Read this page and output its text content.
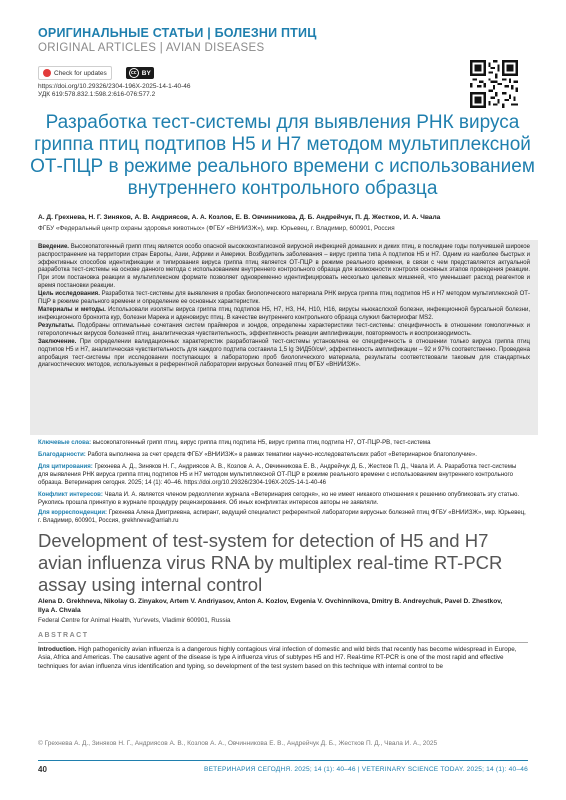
ОРИГИНАЛЬНЫЕ СТАТЬИ | БОЛЕЗНИ ПТИЦ
ORIGINAL ARTICLES | AVIAN DISEASES
Check for updates	cc BY
https://doi.org/10.29326/2304-196X-2025-14-1-40-46
УДК 619:578.832.1:598.2:616-076:577.2
Разработка тест-системы для выявления РНК вируса гриппа птиц подтипов Н5 и Н7 методом мультиплексной ОТ-ПЦР в режиме реального времени с использованием внутреннего контрольного образца
А. Д. Грехнева, Н. Г. Зиняков, А. В. Андриясов, А. А. Козлов, Е. В. Овчинникова, Д. Б. Андрейчук, П. Д. Жестков, И. А. Чвала
ФГБУ «Федеральный центр охраны здоровья животных» (ФГБУ «ВНИИЗЖ»), мкр. Юрьевец, г. Владимир, 600901, Россия

Введение. Высокопатогенный грипп птиц является особо опасной высококонтагиозной вирусной инфекцией домашних и диких птиц, в последние годы получившей широкое распространение на территории стран Европы, Азии, Африки и Америки. Возбудитель заболевания – вирус гриппа типа А подтипов Н5 и Н7. Одним из наиболее быстрых и эффективных способов идентификации и типирования вируса гриппа птиц является ОТ-ПЦР в режиме реального времени, в связи с чем представляется актуальной разработка тест-системы на основе данного метода с использованием внутреннего контрольного образца для возможности контроля основных этапов проведения реакции. При этом постановка реакции в мультиплексном формате позволяет одновременно идентифицировать несколько целевых мишеней, что уменьшает расход реагентов и время постановки реакции.

Цель исследования. Разработка тест-системы для выявления в пробах биологического материала РНК вируса гриппа птиц подтипов Н5 и Н7 методом мультиплексной ОТ-ПЦР в режиме реального времени и определение ее основных характеристик.

Материалы и методы. Использовали изоляты вируса гриппа птиц подтипов Н5, Н7, Н3, Н4, Н10, Н16, вирусы ньюкаслской болезни, инфекционной бурсальной болезни, инфекционного бронхита кур, болезни Марека и аденовирус птиц. В качестве внутреннего контрольного образца служил бактериофаг MS2.

Результаты. Подобраны оптимальные сочетания систем праймеров и зондов, определены характеристики тест-системы: специфичность в отношении гомологичных и гетерологичных вирусов болезней птиц, аналитическая чувствительность, эффективность реакции амплификации, повторяемость и воспроизводимость.

Заключение. При определении валидационных характеристик разработанной тест-системы установлена ее специфичность в отношении только вируса гриппа птиц подтипов Н5 и Н7, аналитическая чувствительность для каждого подтипа составила 1,5 lg ЭИД50/см³, эффективность амплификации – 92 и 97% соответственно. Проведена апробация тест-системы при исследовании поступающих в лабораторию проб биологического материала, результаты соответствовали таковым для стандартных диагностических методов, используемых в референтной лаборатории вирусных болезней птиц ФГБУ «ВНИИЗЖ».

Ключевые слова: высокопатогенный грипп птиц, вирус гриппа птиц подтипа Н5, вирус гриппа птиц подтипа Н7, ОТ-ПЦР-РВ, тест-система
Благодарности: Работа выполнена за счет средств ФГБУ «ВНИИЗЖ» в рамках тематики научно-исследовательских работ «Ветеринарное благополучие».
Для цитирования: Грехнева А. Д., Зиняков Н. Г., Андриясов А. В., Козлов А. А., Овчинникова Е. В., Андрейчук Д. Б., Жестков П. Д., Чвала И. А. Разработка тест-системы для выявления РНК вируса гриппа птиц подтипов Н5 и Н7 методом мультиплексной ОТ-ПЦР в режиме реального времени с использованием внутреннего контрольного образца. Ветеринария сегодня. 2025; 14 (1): 40–46. https://doi.org/10.29326/2304-196X-2025-14-1-40-46
Конфликт интересов: Чвала И. А. является членом редколлегии журнала «Ветеринария сегодня», но не имеет никакого отношения к решению опубликовать эту статью. Рукопись прошла принятую в журнале процедуру рецензирования. Об иных конфликтах интересов авторы не заявляли.
Для корреспонденции: Грехнева Алена Дмитриевна, аспирант, ведущий специалист референтной лаборатории вирусных болезней птиц ФГБУ «ВНИИЗЖ», мкр. Юрьевец, г. Владимир, 600901, Россия, grekhneva@arriah.ru
Development of test-system for detection of H5 and H7 avian influenza virus RNA by multiplex real-time RT-PCR assay using internal control
Alena D. Grekhneva, Nikolay G. Zinyakov, Artem V. Andriyasov, Anton A. Kozlov, Evgenia V. Ovchinnikova, Dmitry B. Andreychuk, Pavel D. Zhestkov, Ilya A. Chvala
Federal Centre for Animal Health, Yur'evets, Vladimir 600901, Russia
ABSTRACT
Introduction. High pathogenicity avian influenza is a dangerous highly contagious viral infection of domestic and wild birds that recently has become widespread in Europe, Asia, Africa and Americas. The causative agent of the disease is type A influenza virus of subtypes H5 and H7. Real-time RT-PCR is one of the most rapid and effective techniques for avian influenza virus identification and typing, so development of the test system based on this technique with internal control to be
© Грехнева А. Д., Зиняков Н. Г., Андриясов А. В., Козлов А. А., Овчинникова Е. В., Андрейчук Д. Б., Жестков П. Д., Чвала И. А., 2025
40	ВЕТЕРИНАРИЯ СЕГОДНЯ. 2025; 14 (1): 40–46 | VETERINARY SCIENCE TODAY. 2025; 14 (1): 40–46
